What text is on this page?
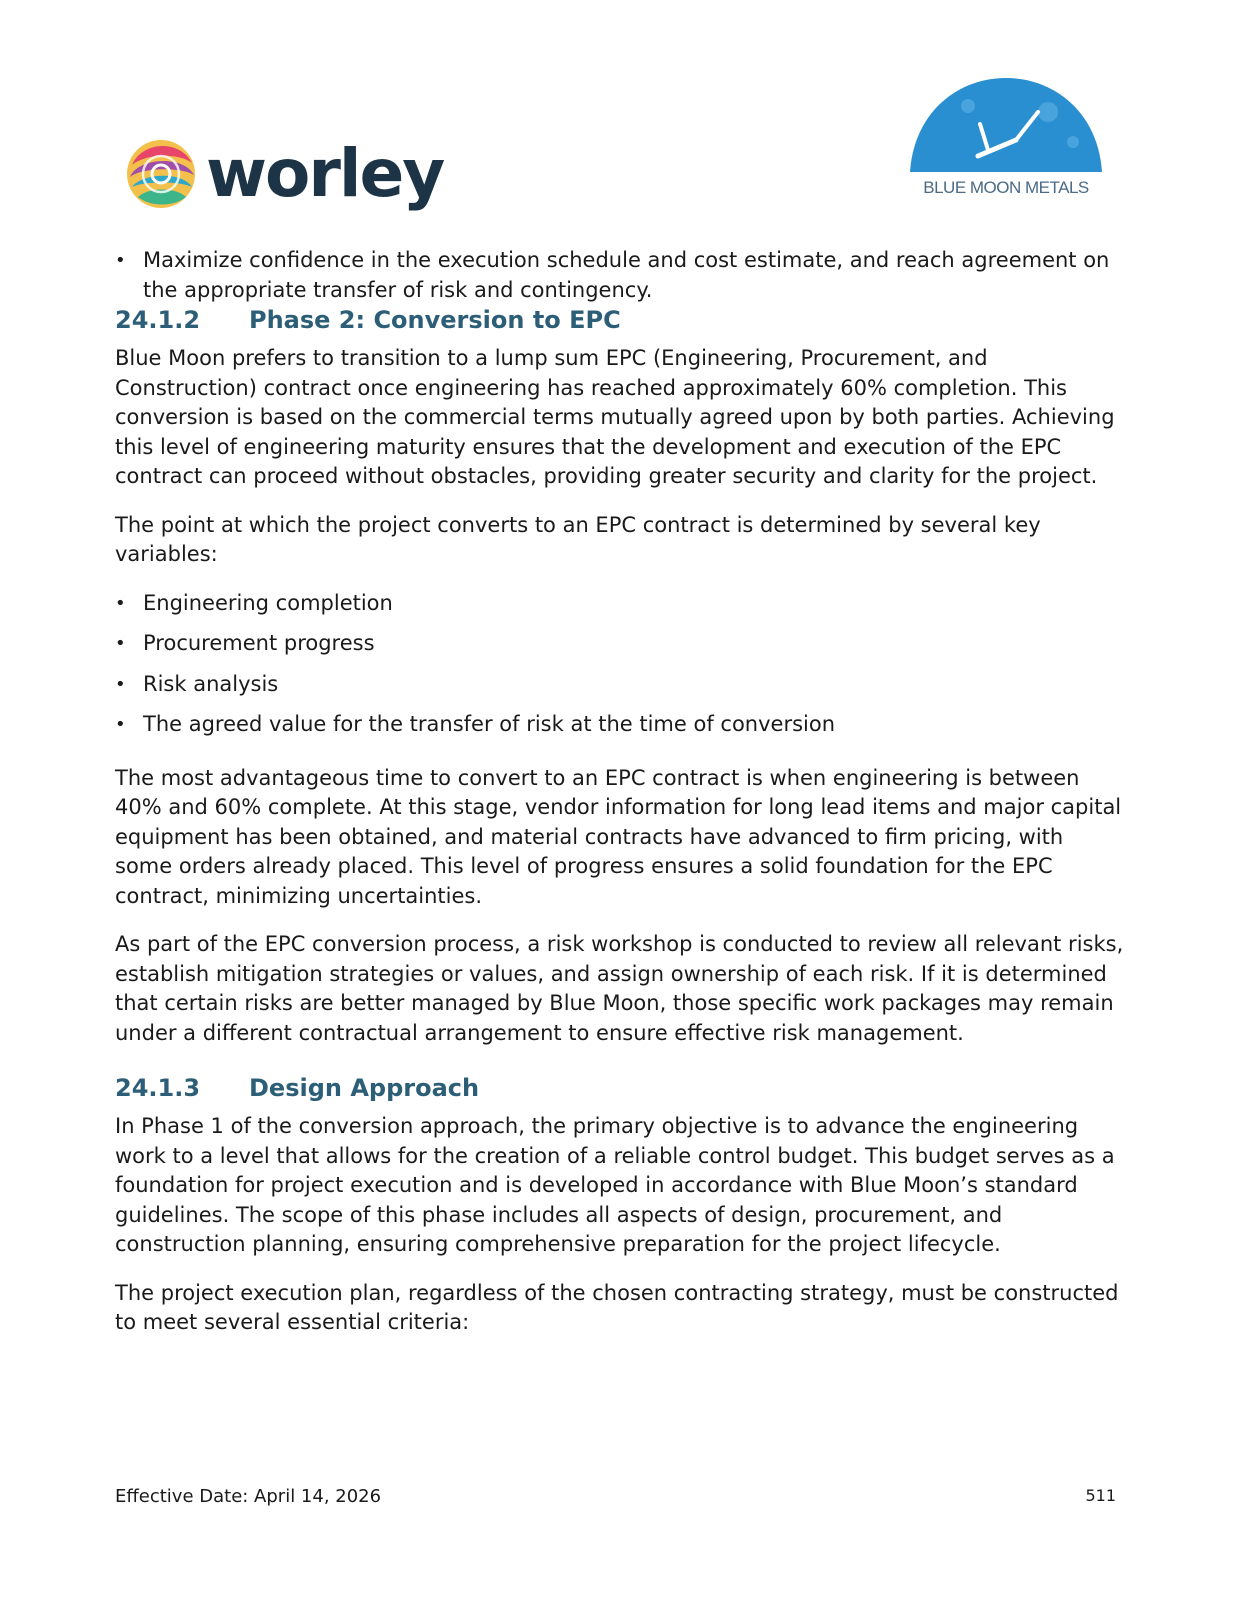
worley	BLUE MOON METALS
• Maximize confidence in the execution schedule and cost estimate, and reach agreement on the appropriate transfer of risk and contingency.
24.1.2 Phase 2: Conversion to EPC

Blue Moon prefers to transition to a lump sum EPC (Engineering, Procurement, and Construction) contract once engineering has reached approximately 60% completion. This conversion is based on the commercial terms mutually agreed upon by both parties. Achieving this level of engineering maturity ensures that the development and execution of the EPC contract can proceed without obstacles, providing greater security and clarity for the project.

The point at which the project converts to an EPC contract is determined by several key variables:

• Engineering completion
• Procurement progress
• Risk analysis
• The agreed value for the transfer of risk at the time of conversion

The most advantageous time to convert to an EPC contract is when engineering is between 40% and 60% complete. At this stage, vendor information for long lead items and major capital equipment has been obtained, and material contracts have advanced to firm pricing, with some orders already placed. This level of progress ensures a solid foundation for the EPC contract, minimizing uncertainties.

As part of the EPC conversion process, a risk workshop is conducted to review all relevant risks, establish mitigation strategies or values, and assign ownership of each risk. If it is determined that certain risks are better managed by Blue Moon, those specific work packages may remain under a different contractual arrangement to ensure effective risk management.

24.1.3 Design Approach

In Phase 1 of the conversion approach, the primary objective is to advance the engineering work to a level that allows for the creation of a reliable control budget. This budget serves as a foundation for project execution and is developed in accordance with Blue Moon’s standard guidelines. The scope of this phase includes all aspects of design, procurement, and construction planning, ensuring comprehensive preparation for the project lifecycle.

The project execution plan, regardless of the chosen contracting strategy, must be constructed to meet several essential criteria:

Effective Date: April 14, 2026	511
